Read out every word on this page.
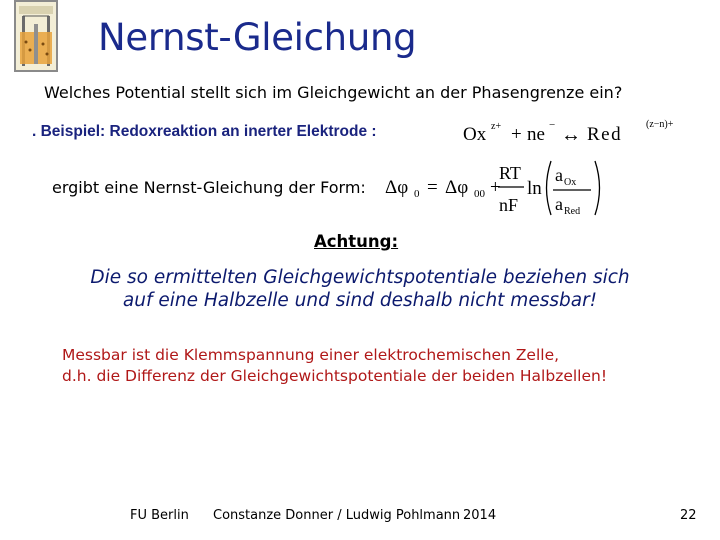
Nernst-Gleichung
Welches Potential stellt sich im Gleichgewicht an der Phasengrenze ein?
. Beispiel: Redoxreaktion an inerter Elektrode :	Ox z+ + ne − ↔ Red (z−n)+
ergibt eine Nernst-Gleichung der Form: Δφ 0 = Δφ 00 +
RT
nF
ln
a Ox
a Red
Achtung:
Die so ermittelten Gleichgewichtspotentiale beziehen sich
auf eine Halbzelle und sind deshalb nicht messbar!
Messbar ist die Klemmspannung einer elektrochemischen Zelle,
d.h. die Differenz der Gleichgewichtspotentiale der beiden Halbzellen!
FU Berlin Constanze Donner / Ludwig Pohlmann 2014	22
